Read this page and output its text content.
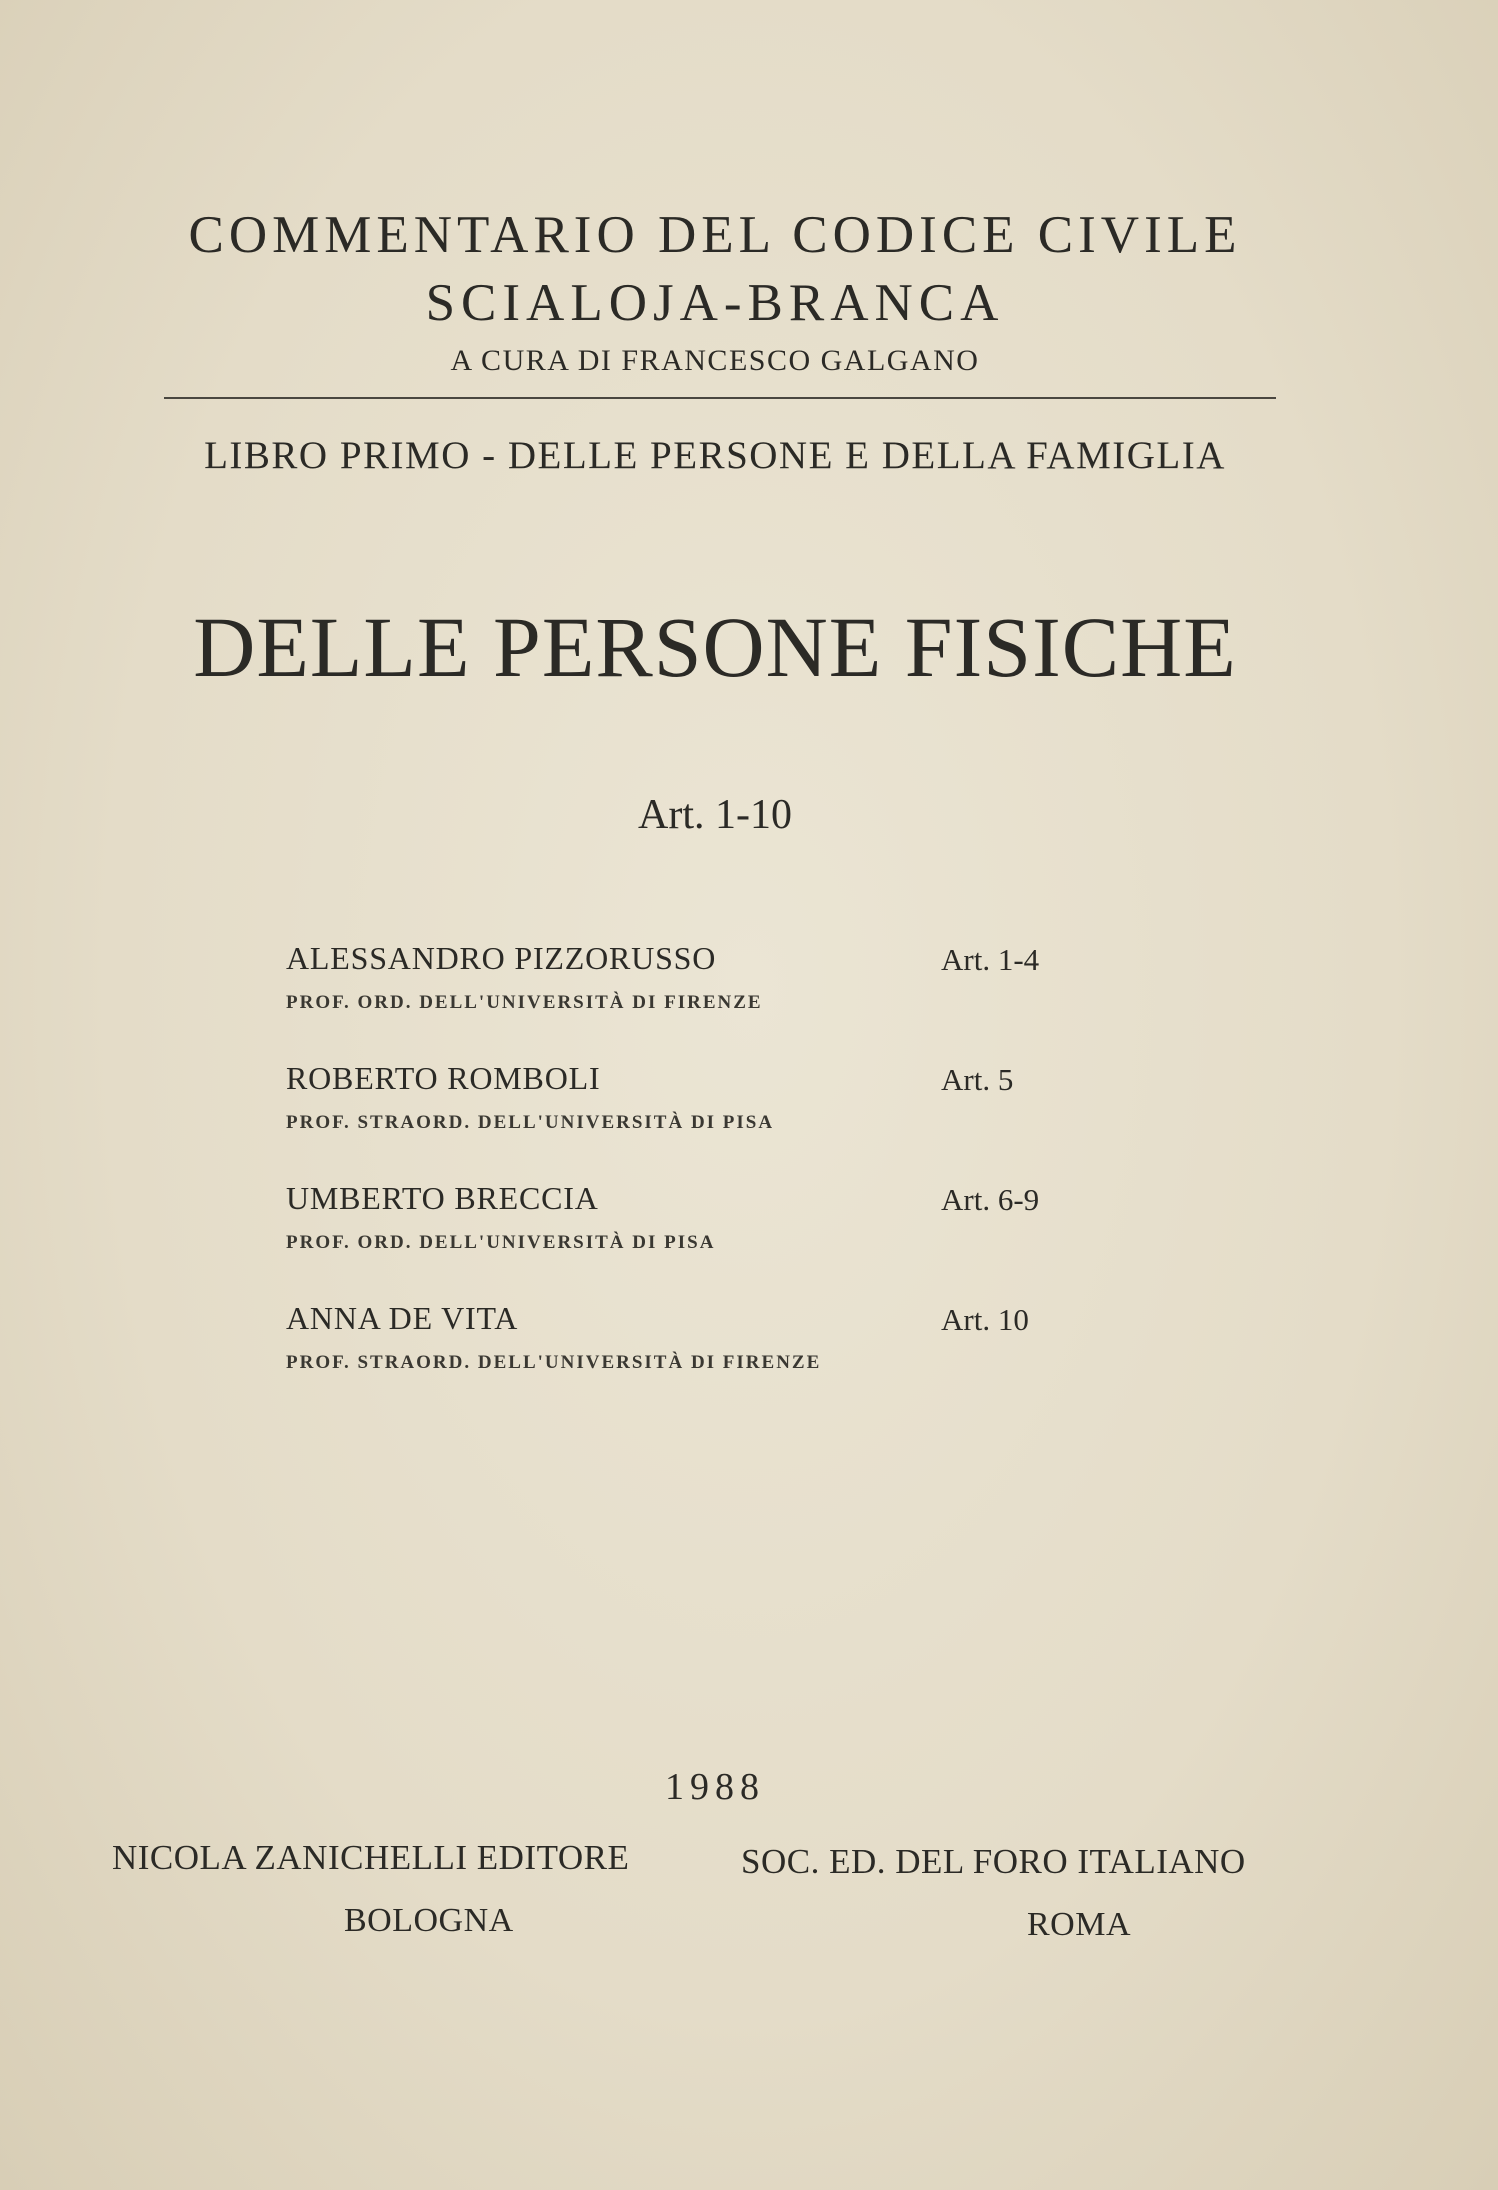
COMMENTARIO DEL CODICE CIVILE
SCIALOJA-BRANCA
A CURA DI FRANCESCO GALGANO
LIBRO PRIMO - DELLE PERSONE E DELLA FAMIGLIA
DELLE PERSONE FISICHE
Art. 1-10
ALESSANDRO PIZZORUSSO	Art. 1-4
PROF. ORD. DELL'UNIVERSITÀ DI FIRENZE
ROBERTO ROMBOLI	Art. 5
PROF. STRAORD. DELL'UNIVERSITÀ DI PISA
UMBERTO BRECCIA	Art. 6-9
PROF. ORD. DELL'UNIVERSITÀ DI PISA
ANNA DE VITA	Art. 10
PROF. STRAORD. DELL'UNIVERSITÀ DI FIRENZE
1988
NICOLA ZANICHELLI EDITORE	SOC. ED. DEL FORO ITALIANO
BOLOGNA	ROMA
